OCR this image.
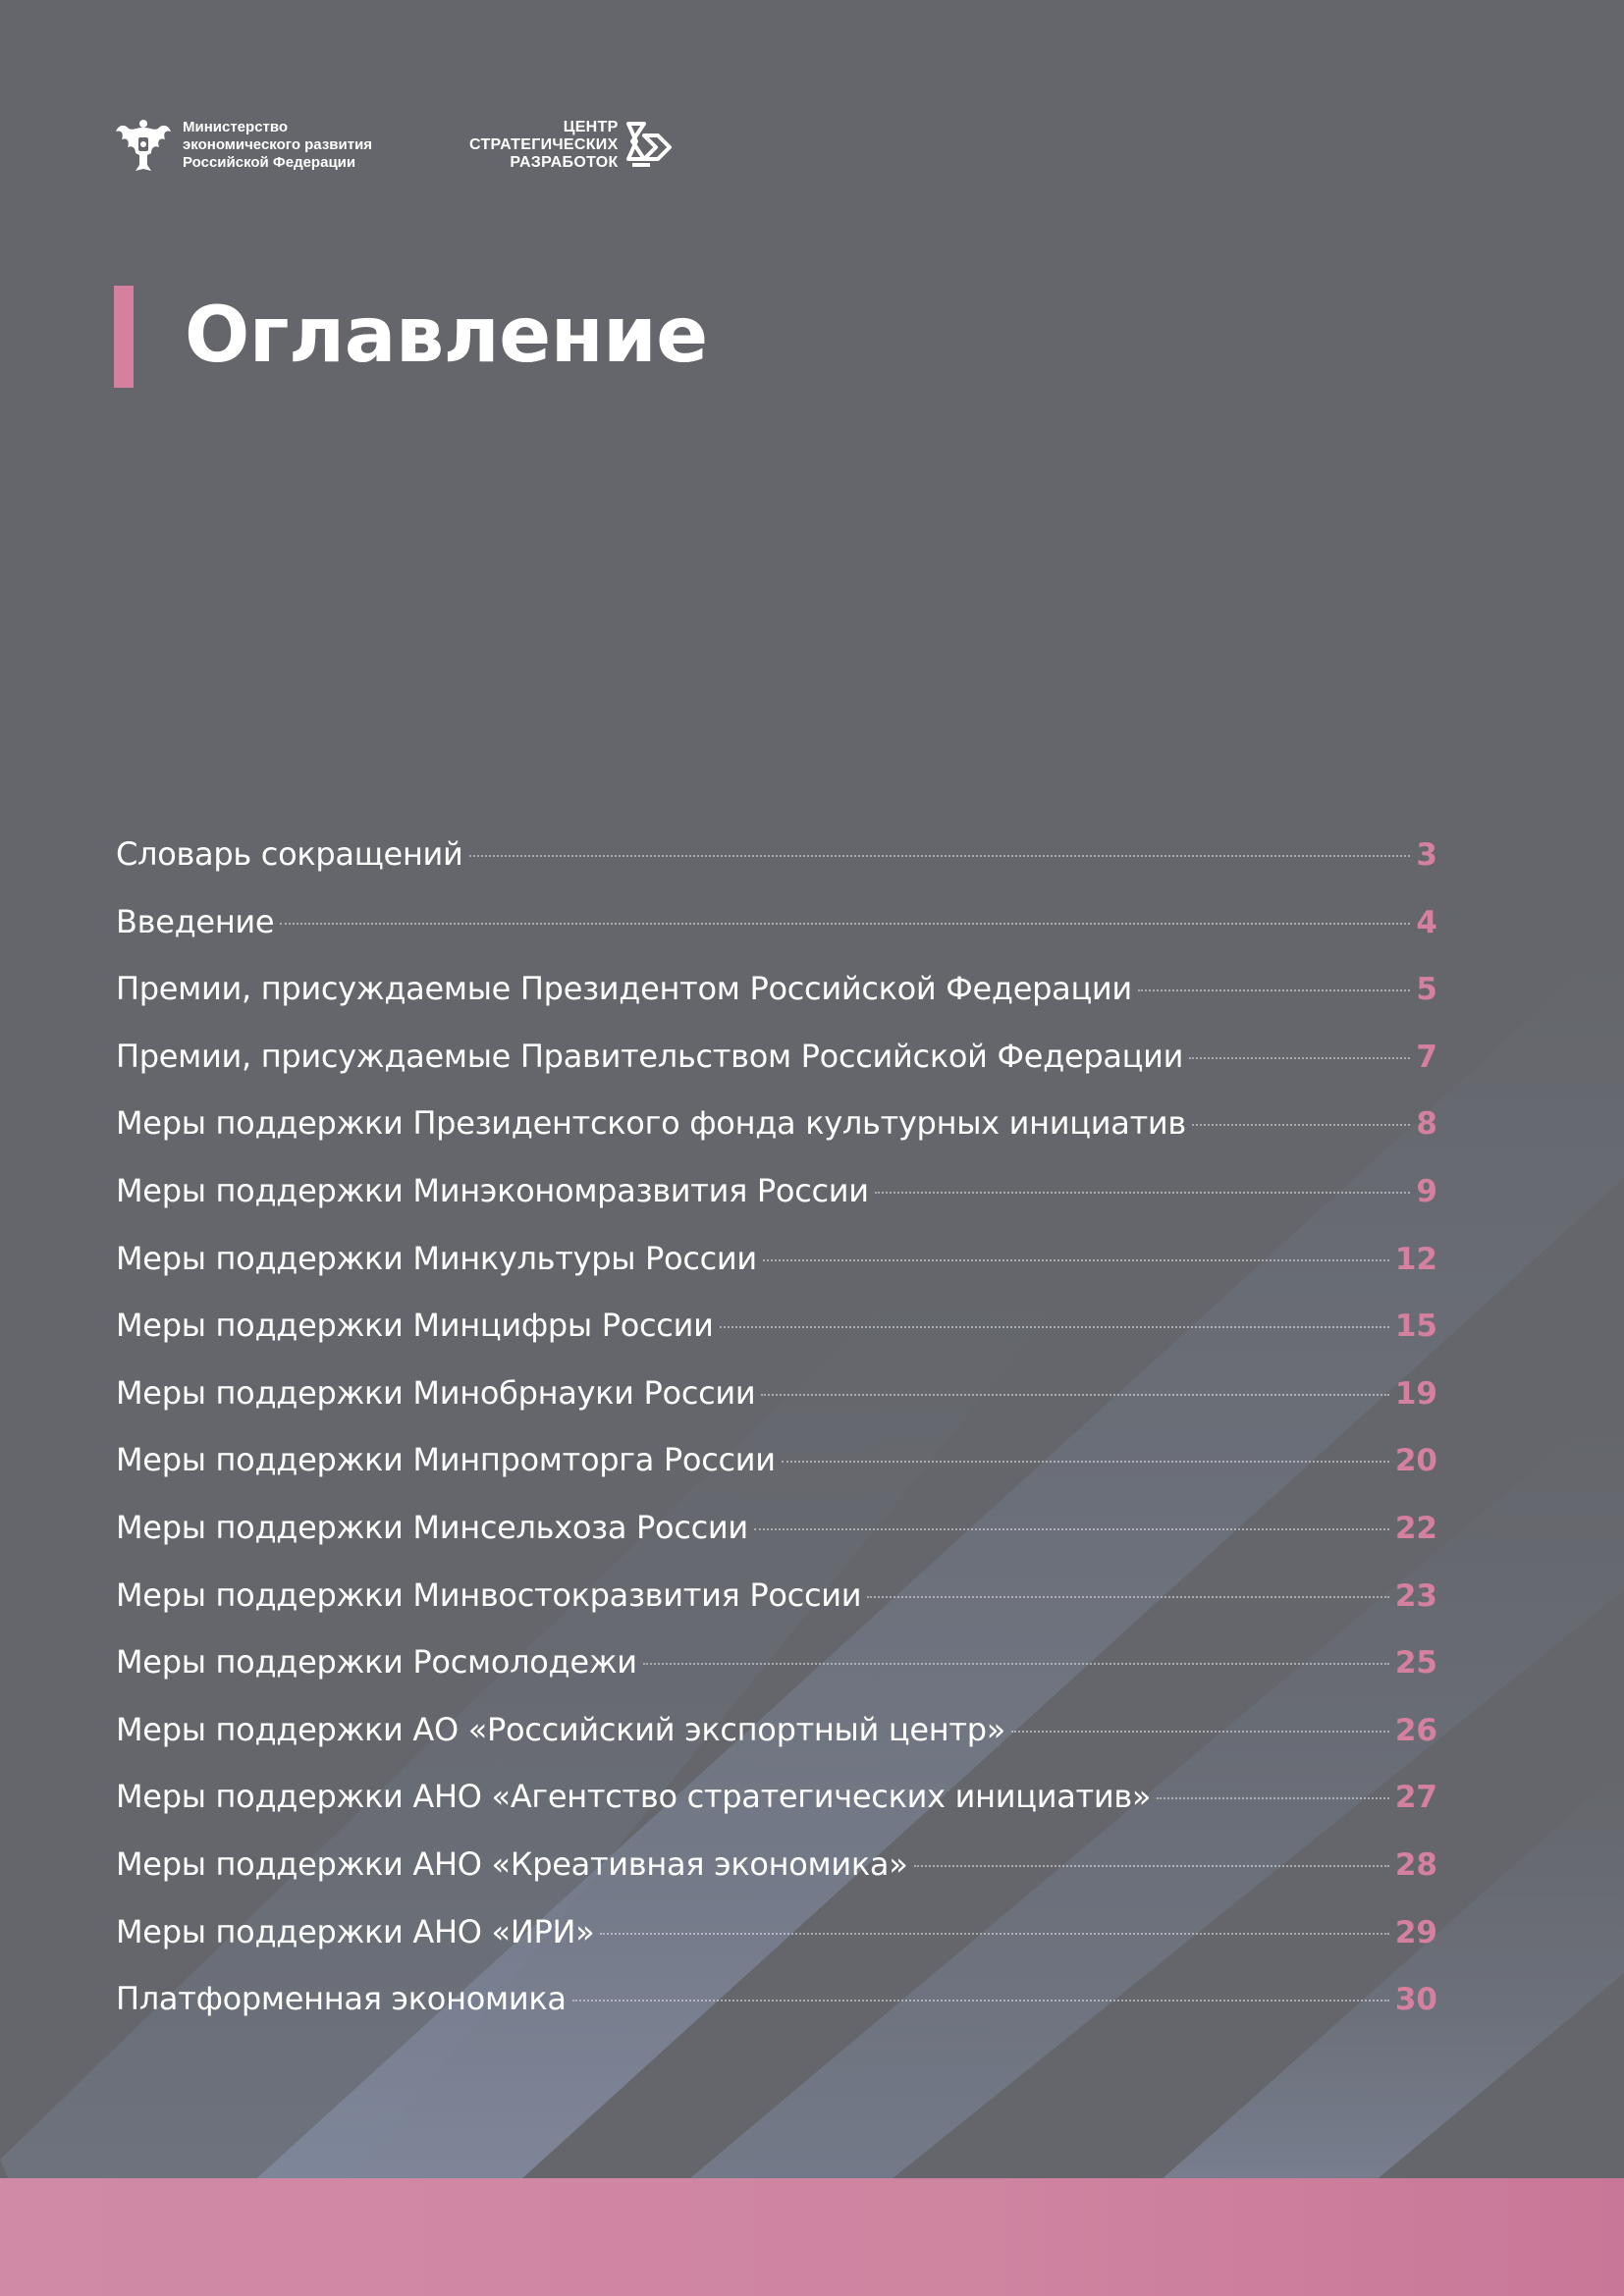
Министерство
экономического развития
Российской Федерации
ЦЕНТР
СТРАТЕГИЧЕСКИХ
РАЗРАБОТОК
Оглавление
Словарь сокращений	3
Введение	4
Премии, присуждаемые Президентом Российской Федерации	5
Премии, присуждаемые Правительством Российской Федерации	7
Меры поддержки Президентского фонда культурных инициатив	8
Меры поддержки Минэкономразвития России	9
Меры поддержки Минкультуры России	12
Меры поддержки Минцифры России	15
Меры поддержки Минобрнауки России	19
Меры поддержки Минпромторга России	20
Меры поддержки Минсельхоза России	22
Меры поддержки Минвостокразвития России	23
Меры поддержки Росмолодежи	25
Меры поддержки АО «Российский экспортный центр»	26
Меры поддержки АНО «Агентство стратегических инициатив»	27
Меры поддержки АНО «Креативная экономика»	28
Меры поддержки АНО «ИРИ»	29
Платформенная экономика	30
